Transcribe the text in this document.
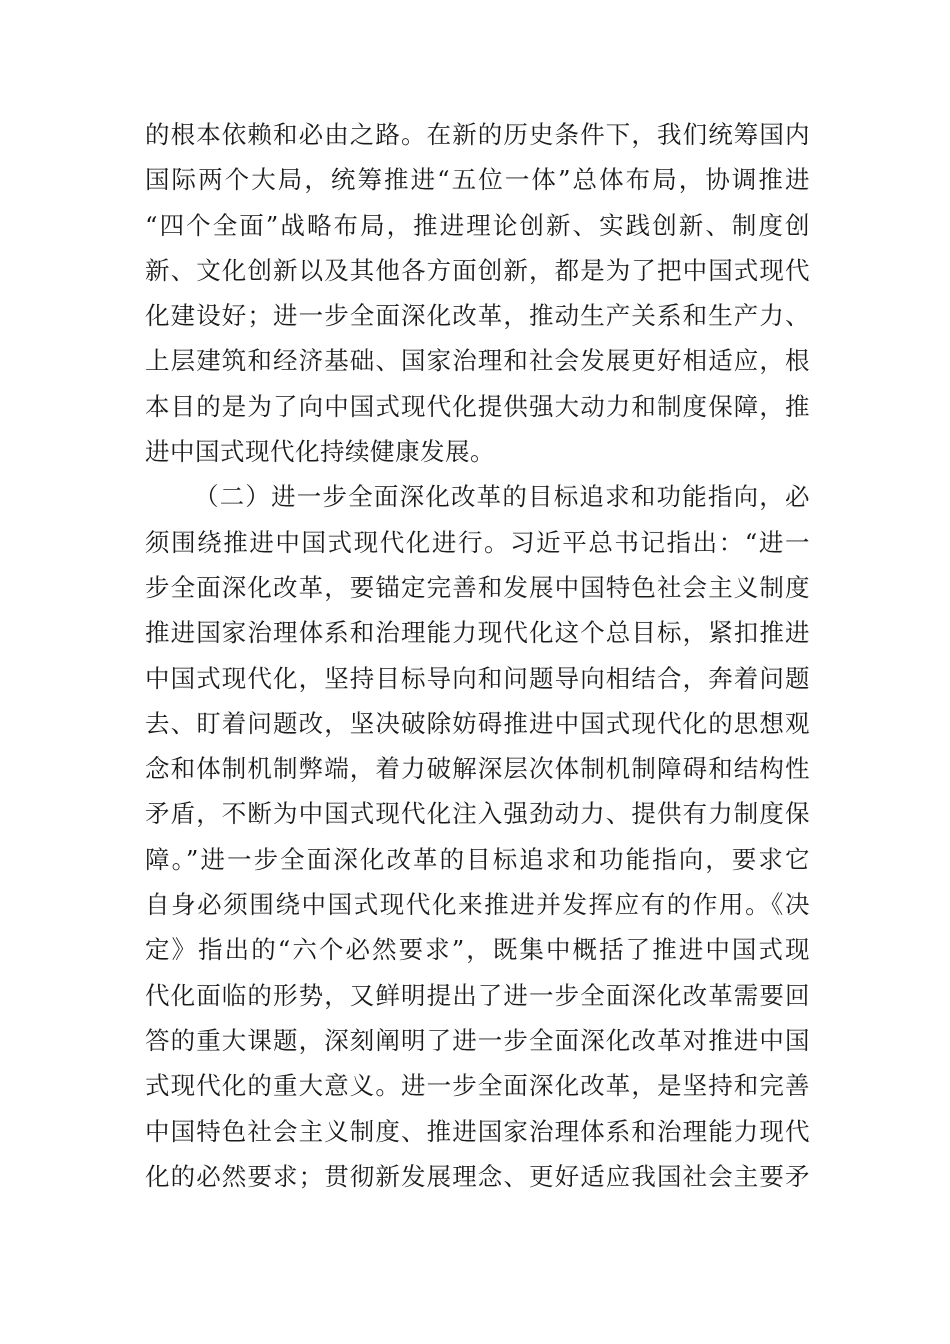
的根本依赖和必由之路。在新的历史条件下，我们统筹国内
国际两个大局，统筹推进“五位一体”总体布局，协调推进
“四个全面”战略布局，推进理论创新、实践创新、制度创
新、文化创新以及其他各方面创新，都是为了把中国式现代
化建设好；进一步全面深化改革，推动生产关系和生产力、
上层建筑和经济基础、国家治理和社会发展更好相适应，根
本目的是为了向中国式现代化提供强大动力和制度保障，推
进中国式现代化持续健康发展。
（二）进一步全面深化改革的目标追求和功能指向，必
须围绕推进中国式现代化进行。习近平总书记指出：“进一
步全面深化改革，要锚定完善和发展中国特色社会主义制度
推进国家治理体系和治理能力现代化这个总目标，紧扣推进
中国式现代化，坚持目标导向和问题导向相结合，奔着问题
去、盯着问题改，坚决破除妨碍推进中国式现代化的思想观
念和体制机制弊端，着力破解深层次体制机制障碍和结构性
矛盾，不断为中国式现代化注入强劲动力、提供有力制度保
障。”进一步全面深化改革的目标追求和功能指向，要求它
自身必须围绕中国式现代化来推进并发挥应有的作用。《决
定》指出的“六个必然要求”，既集中概括了推进中国式现
代化面临的形势，又鲜明提出了进一步全面深化改革需要回
答的重大课题，深刻阐明了进一步全面深化改革对推进中国
式现代化的重大意义。进一步全面深化改革，是坚持和完善
中国特色社会主义制度、推进国家治理体系和治理能力现代
化的必然要求；贯彻新发展理念、更好适应我国社会主要矛
